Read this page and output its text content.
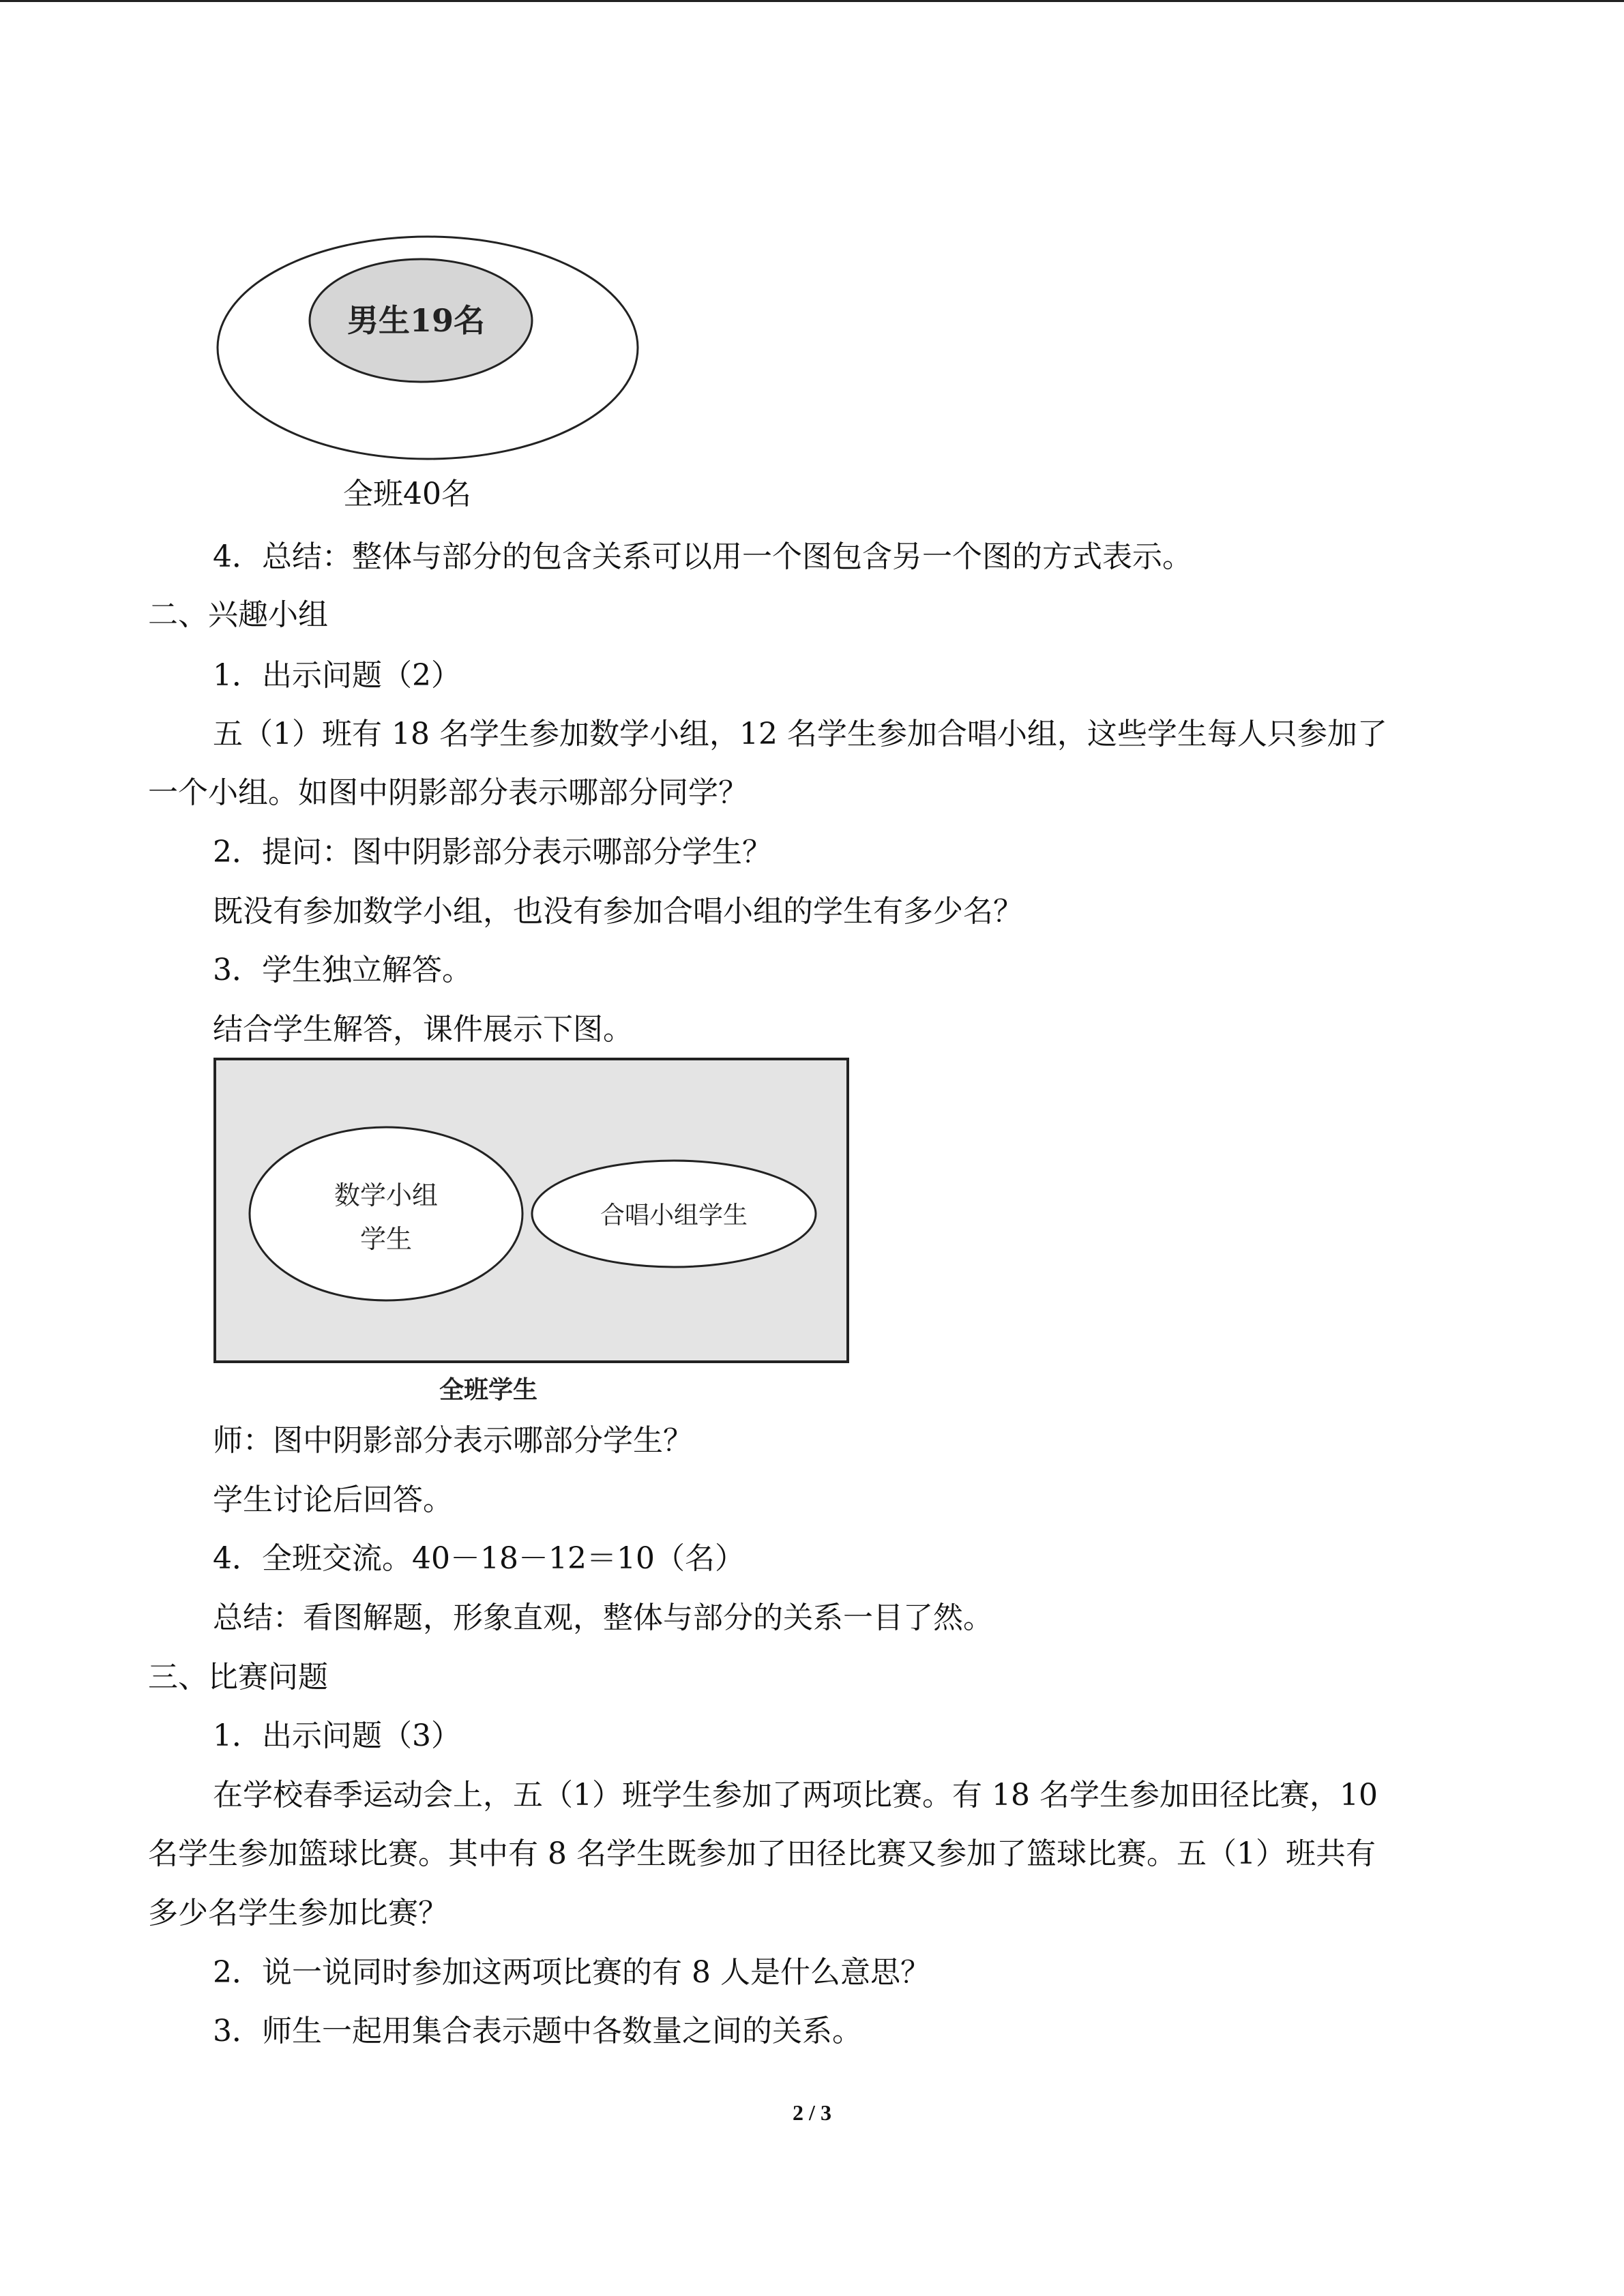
男生19名
全班40名
4．总结：整体与部分的包含关系可以用一个图包含另一个图的方式表示。
二、兴趣小组
1．出示问题（2）
五（1）班有 18 名学生参加数学小组，12 名学生参加合唱小组，这些学生每人只参加了
一个小组。如图中阴影部分表示哪部分同学？
2．提问：图中阴影部分表示哪部分学生？
既没有参加数学小组，也没有参加合唱小组的学生有多少名？
3．学生独立解答。
结合学生解答，课件展示下图。
数学小组
学生
合唱小组学生
全班学生
师：图中阴影部分表示哪部分学生？
学生讨论后回答。
4．全班交流。40－18－12＝10（名）
总结：看图解题，形象直观，整体与部分的关系一目了然。
三、比赛问题
1．出示问题（3）
在学校春季运动会上，五（1）班学生参加了两项比赛。有 18 名学生参加田径比赛，10
名学生参加篮球比赛。其中有 8 名学生既参加了田径比赛又参加了篮球比赛。五（1）班共有
多少名学生参加比赛？
2．说一说同时参加这两项比赛的有 8 人是什么意思？
3．师生一起用集合表示题中各数量之间的关系。
2 / 3
